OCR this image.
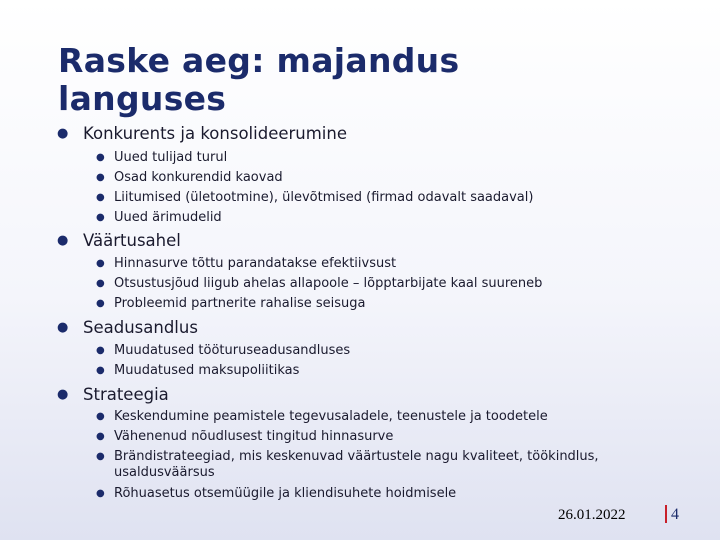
Raske aeg: majandus
languses
● Konkurents ja konsolideerumine
● Uued tulijad turul
● Osad konkurendid kaovad
● Liitumised (ületootmine), ülevõtmised (firmad odavalt saadaval)
● Uued ärimudelid
● Väärtusahel
● Hinnasurve tõttu parandatakse efektiivsust
● Otsustusjõud liigub ahelas allapoole – lõpptarbijate kaal suureneb
● Probleemid partnerite rahalise seisuga
● Seadusandlus
● Muudatused tööturuseadusandluses
● Muudatused maksupoliitikas
● Strateegia
● Keskendumine peamistele tegevusaladele, teenustele ja toodetele
● Vähenenud nõudlusest tingitud hinnasurve
● Brändistrateegiad, mis keskenuvad väärtustele nagu kvaliteet, töökindlus, usaldusväärsus
● Rõhuasetus otsemüügile ja kliendisuhete hoidmisele
26.01.2022	4
